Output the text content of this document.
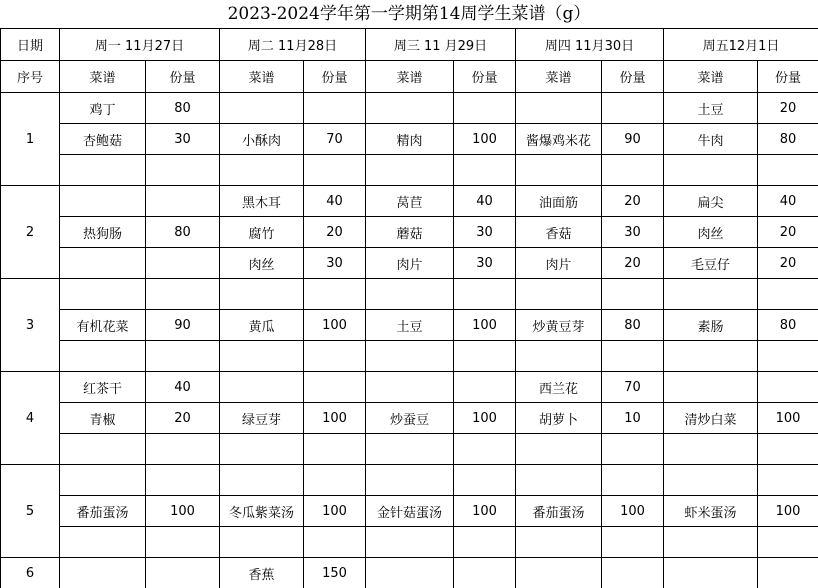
2023-2024学年第一学期第14周学生菜谱（g）
日期	周一 11月27日		周二 11月28日		周三 11 月29日		周四 11月30日		周五12月1日	
序号	菜谱	份量	菜谱	份量	菜谱	份量	菜谱	份量	菜谱	份量
1	鸡丁	80							土豆	20
	杏鲍菇	30	小酥肉	70	精肉	100	酱爆鸡米花	90	牛肉	80

2			黑木耳	40	莴苣	40	油面筋	20	扁尖	40
	热狗肠	80	腐竹	20	蘑菇	30	香菇	30	肉丝	20
			肉丝	30	肉片	30	肉片	20	毛豆仔	20
3										
	有机花菜	90	黄瓜	100	土豆	100	炒黄豆芽	80	素肠	80

4	红茶干	40					西兰花	70		
	青椒	20	绿豆芽	100	炒蚕豆	100	胡萝卜	10	清炒白菜	100

5										
	番茄蛋汤	100	冬瓜紫菜汤	100	金针菇蛋汤	100	番茄蛋汤	100	虾米蛋汤	100

6			香蕉	150						
